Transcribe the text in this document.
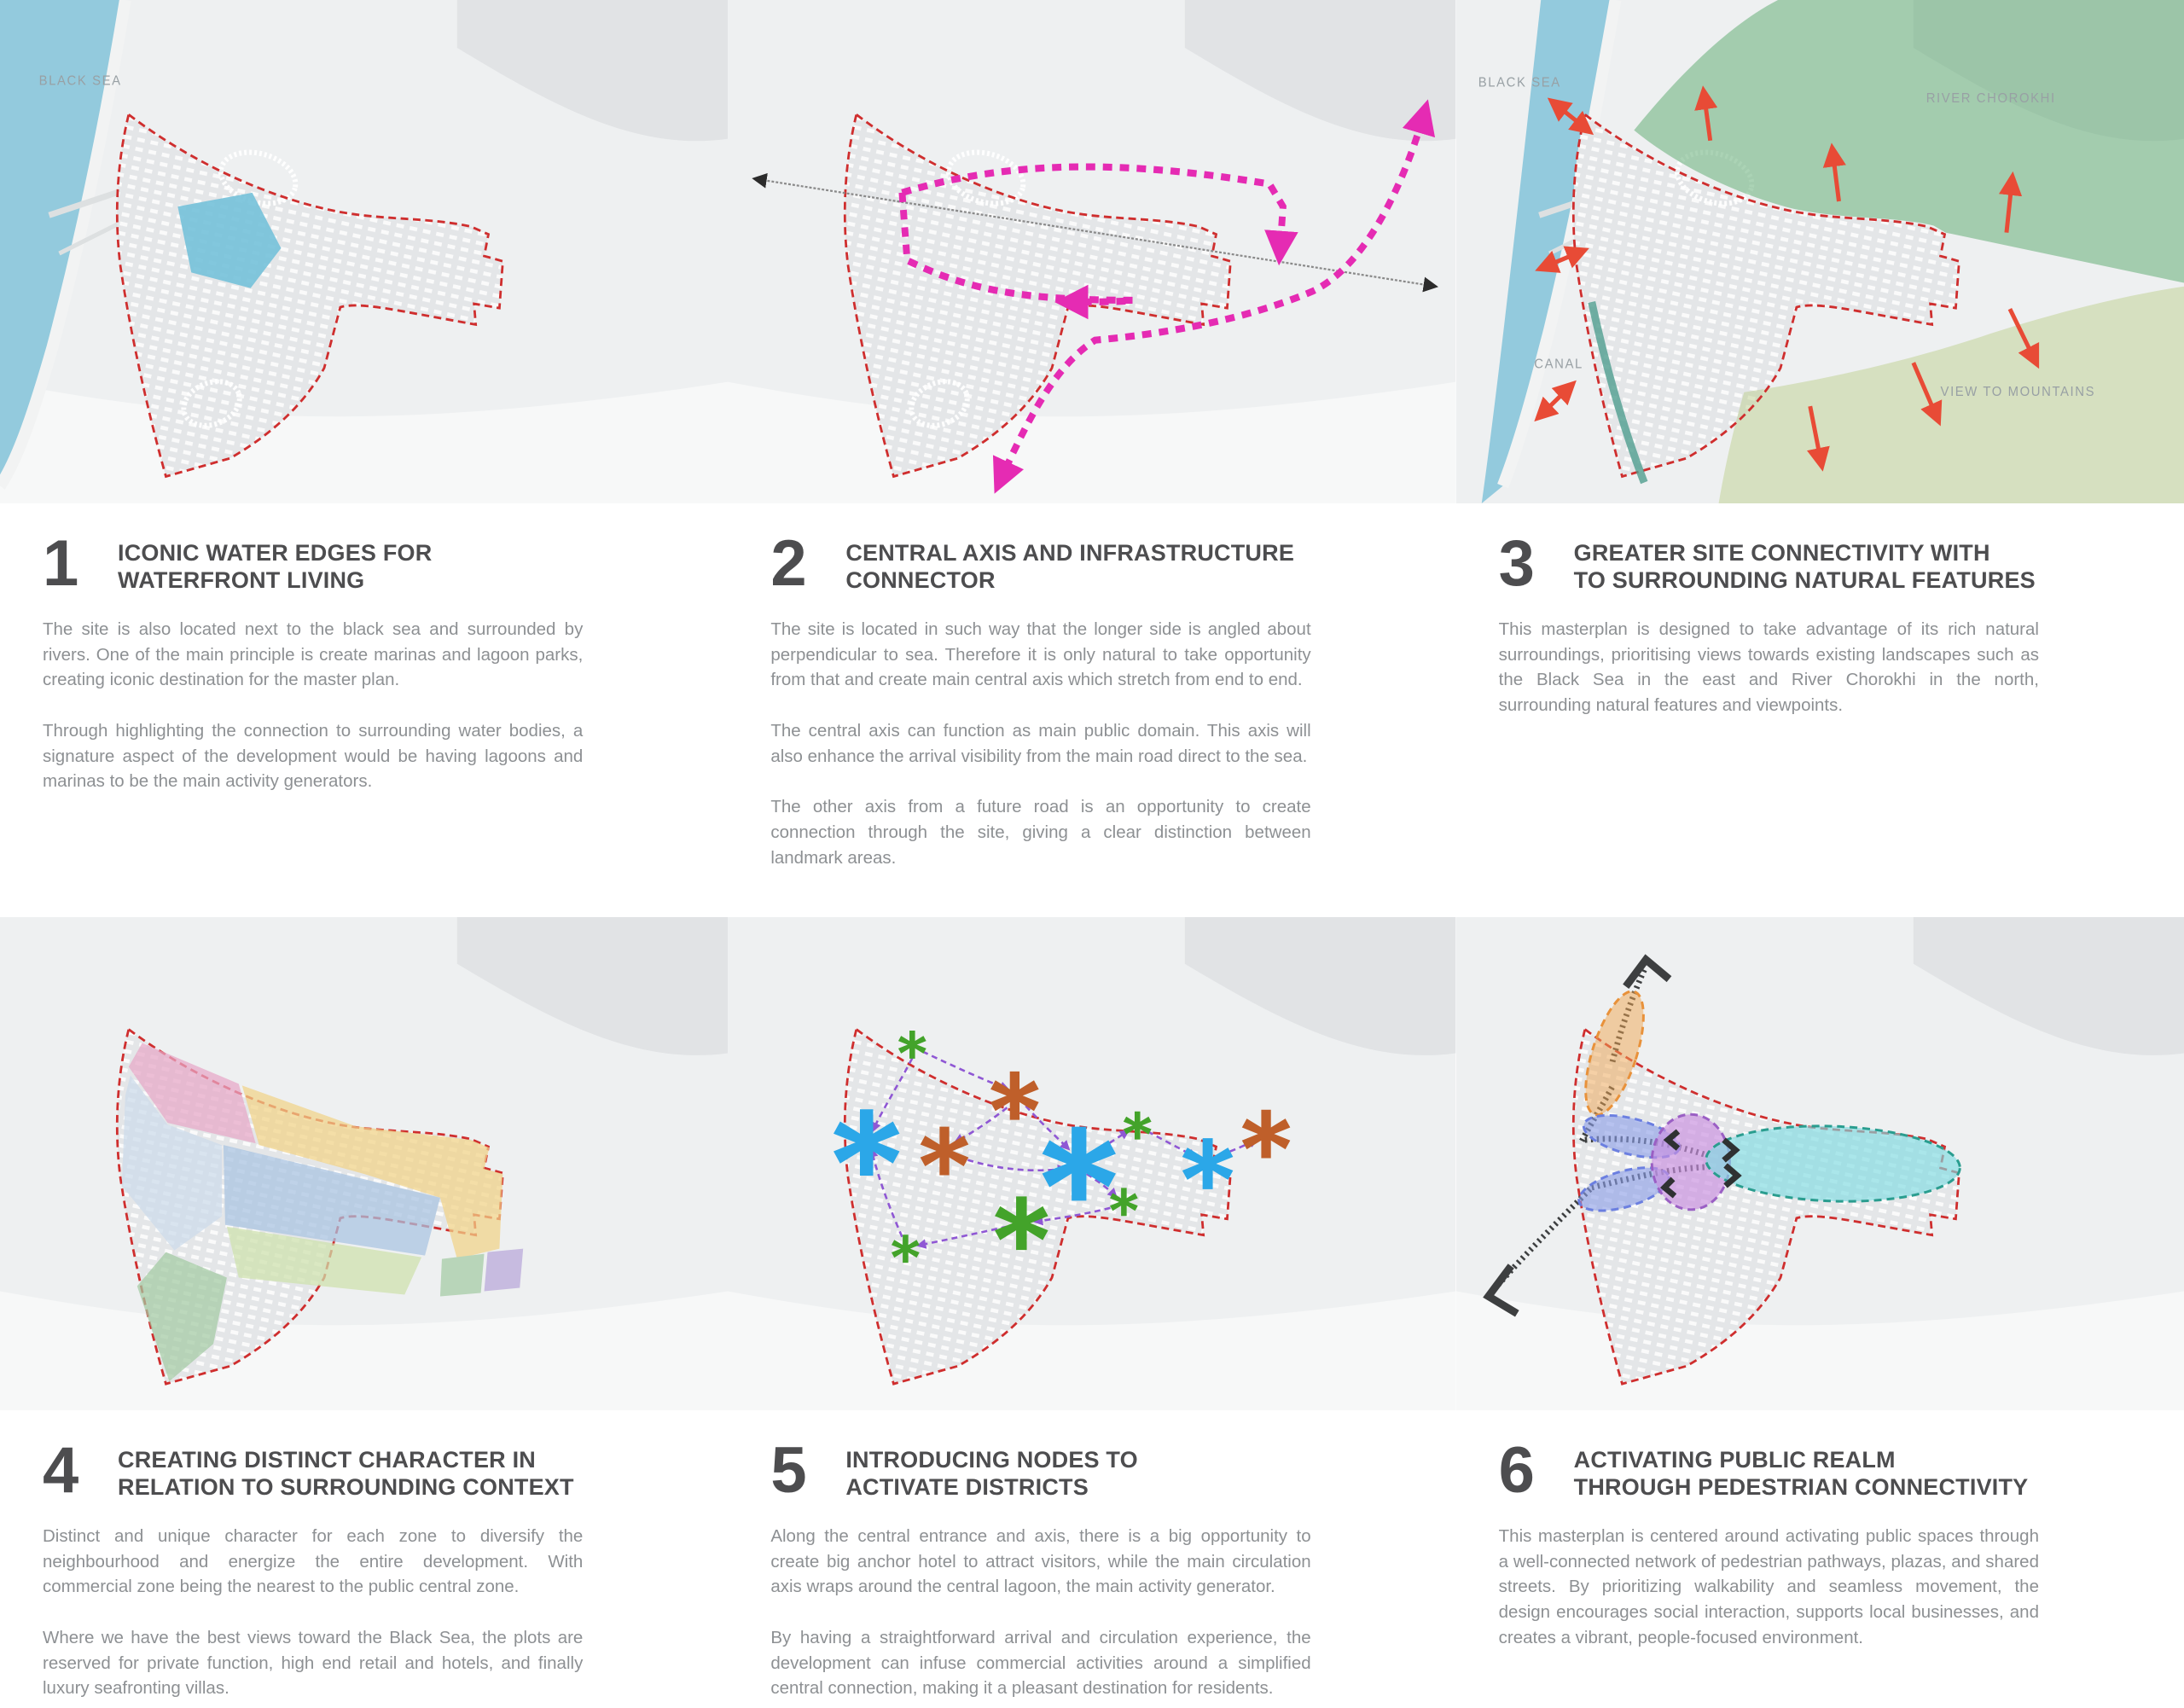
BLACK SEA
1	ICONIC WATER EDGES FOR
WATERFRONT LIVING

The site is also located next to the black sea and surrounded by rivers. One of the main principle is create marinas and lagoon parks, creating iconic destination for the master plan.

Through highlighting the connection to surrounding water bodies, a signature aspect of the development would be having lagoons and marinas to be the main activity generators.

2	CENTRAL AXIS AND INFRASTRUCTURE
CONNECTOR

The site is located in such way that the longer side is angled about perpendicular to sea. Therefore it is only natural to take opportunity from that and create main central axis which stretch from end to end.

The central axis can function as main public domain. This axis will also enhance the arrival visibility from the main road direct to the sea.

The other axis from a future road is an opportunity to create connection through the site, giving a clear distinction between landmark areas.

BLACK SEA
RIVER CHOROKHI
CANAL
VIEW TO MOUNTAINS
3	GREATER SITE CONNECTIVITY WITH
TO SURROUNDING NATURAL FEATURES

This masterplan is designed to take advantage of its rich natural surroundings, prioritising views towards existing landscapes such as the Black Sea in the east and River Chorokhi in the north, surrounding natural features and viewpoints.

4	CREATING DISTINCT CHARACTER IN
RELATION TO SURROUNDING CONTEXT

Distinct and unique character for each zone to diversify the neighbourhood and energize the entire development. With commercial zone being the nearest to the public central zone.

Where we have the best views toward the Black Sea, the plots are reserved for private function, high end retail and hotels, and finally luxury seafronting villas.

5	INTRODUCING NODES TO
ACTIVATE DISTRICTS

Along the central entrance and axis, there is a big opportunity to create big anchor hotel to attract visitors, while the main circulation axis wraps around the central lagoon, the main activity generator.

By having a straightforward arrival and circulation experience, the development can infuse commercial activities around a simplified central connection, making it a pleasant destination for residents.

6	ACTIVATING PUBLIC REALM
THROUGH PEDESTRIAN CONNECTIVITY

This masterplan is centered around activating public spaces through a well-connected network of pedestrian pathways, plazas, and shared streets. By prioritizing walkability and seamless movement, the design encourages social interaction, supports local businesses, and creates a vibrant, people-focused environment.
